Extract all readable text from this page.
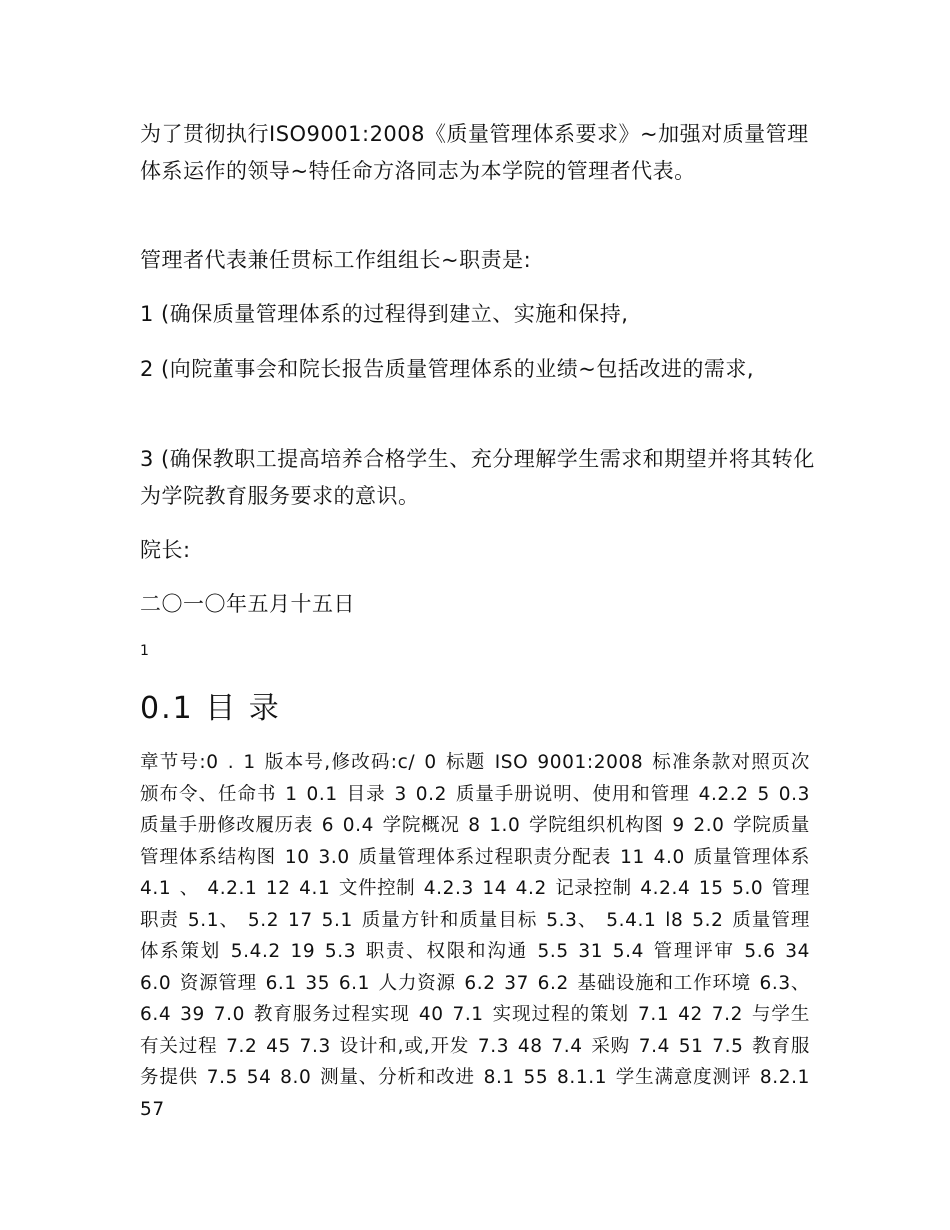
为了贯彻执行ISO9001:2008《质量管理体系要求》~加强对质量管理体系运作的领导~特任命方洛同志为本学院的管理者代表。

管理者代表兼任贯标工作组组长~职责是:

1 (确保质量管理体系的过程得到建立、实施和保持,

2 (向院董事会和院长报告质量管理体系的业绩~包括改进的需求,

3 (确保教职工提高培养合格学生、充分理解学生需求和期望并将其转化为学院教育服务要求的意识。

院长:

二〇一〇年五月十五日

1
0.1 目 录

章节号:0 . 1 版本号,修改码:c/ 0 标题 ISO 9001:2008 标准条款对照页次 颁布令、任命书 1 0.1 目录 3 0.2 质量手册说明、使用和管理 4.2.2 5 0.3 质量手册修改履历表 6 0.4 学院概况 8 1.0 学院组织机构图 9 2.0 学院质量管理体系结构图 10 3.0 质量管理体系过程职责分配表 11 4.0 质量管理体系 4.1 、 4.2.1 12 4.1 文件控制 4.2.3 14 4.2 记录控制 4.2.4 15 5.0 管理职责 5.1、 5.2 17 5.1 质量方针和质量目标 5.3、 5.4.1 l8 5.2 质量管理体系策划 5.4.2 19 5.3 职责、权限和沟通 5.5 31 5.4 管理评审 5.6 34 6.0 资源管理 6.1 35 6.1 人力资源 6.2 37 6.2 基础设施和工作环境 6.3、 6.4 39 7.0 教育服务过程实现 40 7.1 实现过程的策划 7.1 42 7.2 与学生有关过程 7.2 45 7.3 设计和,或,开发 7.3 48 7.4 采购 7.4 51 7.5 教育服务提供 7.5 54 8.0 测量、分析和改进 8.1 55 8.1.1 学生满意度测评 8.2.1 57
